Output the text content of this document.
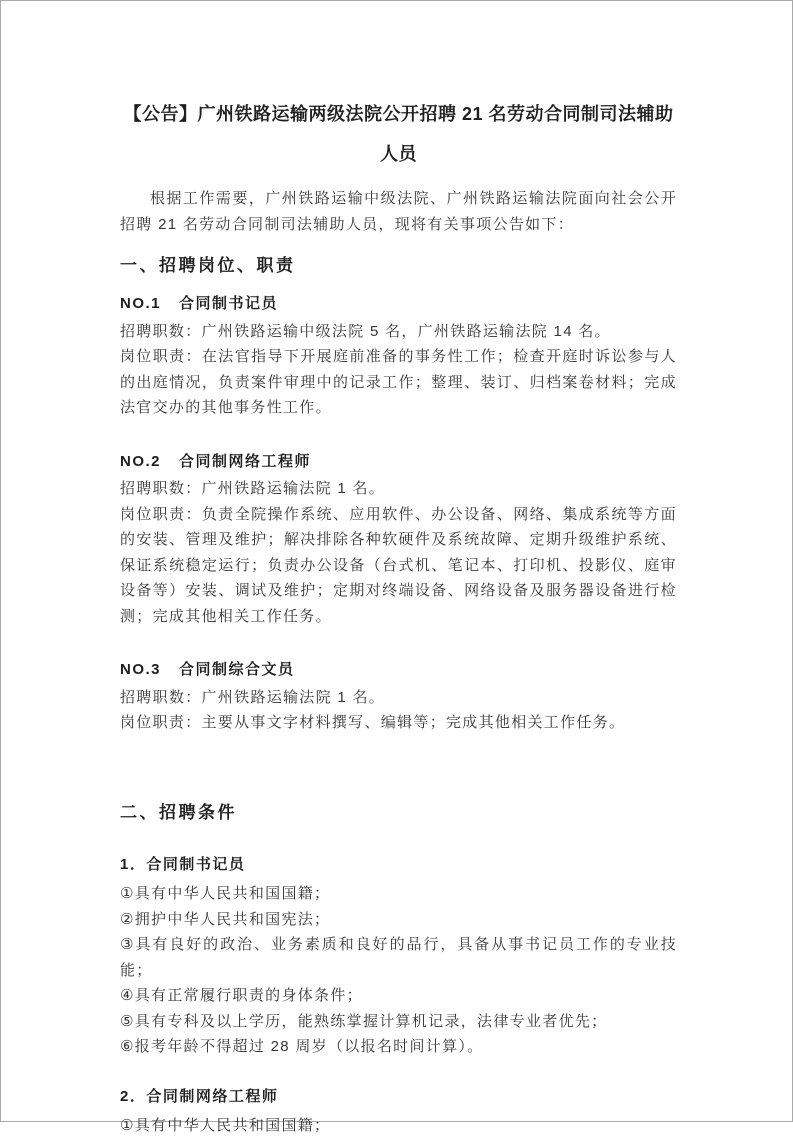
【公告】广州铁路运输两级法院公开招聘 21 名劳动合同制司法辅助人员

根据工作需要，广州铁路运输中级法院、广州铁路运输法院面向社会公开招聘 21 名劳动合同制司法辅助人员，现将有关事项公告如下：

一、招聘岗位、职责

NO.1 合同制书记员

招聘职数：广州铁路运输中级法院 5 名，广州铁路运输法院 14 名。

岗位职责：在法官指导下开展庭前准备的事务性工作；检查开庭时诉讼参与人的出庭情况，负责案件审理中的记录工作；整理、装订、归档案卷材料；完成法官交办的其他事务性工作。

NO.2 合同制网络工程师

招聘职数：广州铁路运输法院 1 名。

岗位职责：负责全院操作系统、应用软件、办公设备、网络、集成系统等方面的安装、管理及维护；解决排除各种软硬件及系统故障、定期升级维护系统、保证系统稳定运行；负责办公设备（台式机、笔记本、打印机、投影仪、庭审设备等）安装、调试及维护；定期对终端设备、网络设备及服务器设备进行检测；完成其他相关工作任务。

NO.3 合同制综合文员

招聘职数：广州铁路运输法院 1 名。

岗位职责：主要从事文字材料撰写、编辑等；完成其他相关工作任务。

二、招聘条件

1．合同制书记员

①具有中华人民共和国国籍；

②拥护中华人民共和国宪法；

③具有良好的政治、业务素质和良好的品行，具备从事书记员工作的专业技能；

④具有正常履行职责的身体条件；

⑤具有专科及以上学历，能熟练掌握计算机记录，法律专业者优先；

⑥报考年龄不得超过 28 周岁（以报名时间计算）。

2．合同制网络工程师

①具有中华人民共和国国籍；
